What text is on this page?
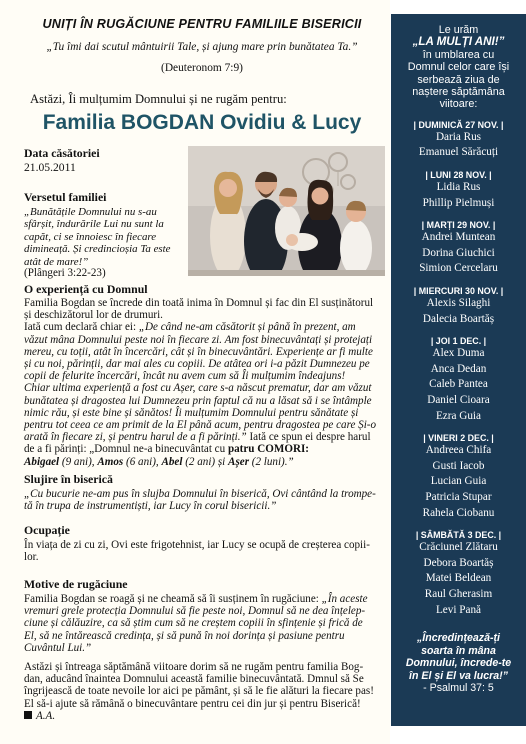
UNIȚI ÎN RUGĂCIUNE PENTRU FAMILIILE BISERICII
„Tu îmi dai scutul mântuirii Tale, și ajung mare prin bunătatea Ta.”
(Deuteronom 7:9)
Astăzi, Îi mulțumim Domnului și ne rugăm pentru:
Familia BOGDAN Ovidiu & Lucy
Data căsătoriei
21.05.2011
Versetul familiei
„Bunătățile Domnului nu s-au
sfârșit, îndurările Lui nu sunt la
capăt, ci se înnoiesc în fiecare
dimineață. Și credincioșia Ta este
atât de mare!”
(Plângeri 3:22-23)
O experiență cu Domnul
Familia Bogdan se încrede din toată inima în Domnul și fac din El susținătorul
și deschizătorul lor de drumuri.
Iată cum declară chiar ei: „De când ne-am căsătorit și până în prezent, am
văzut mâna Domnului peste noi în fiecare zi. Am fost binecuvântați și protejați
mereu, cu toții, atât în încercări, cât și în binecuvântări. Experiențe ar fi multe
și cu noi, părinții, dar mai ales cu copiii. De atâtea ori i-a păzit Dumnezeu pe
copii de felurite încercări, încât nu avem cum să Îi mulțumim îndeajuns!
Chiar ultima experiență a fost cu Așer, care s-a născut prematur, dar am văzut
bunătatea și dragostea lui Dumnezeu prin faptul că nu a lăsat să i se întâmple
nimic rău, și este bine și sănătos! Îi mulțumim Domnului pentru sănătate și
pentru tot ceea ce am primit de la El până acum, pentru dragostea pe care Și-o
arată în fiecare zi, și pentru harul de a fi părinți.” Iată ce spun ei despre harul
de a fi părinți: „Domnul ne-a binecuvântat cu patru COMORI:
Abigael (9 ani), Amos (6 ani), Abel (2 ani) și Așer (2 luni).”
Slujire în biserică
„Cu bucurie ne-am pus în slujba Domnului în biserică, Ovi cântând la trompe-
tă în trupa de instrumentiști, iar Lucy în corul bisericii.”
Ocupație
În viața de zi cu zi, Ovi este frigotehnist, iar Lucy se ocupă de creșterea copii-
lor.
Motive de rugăciune
Familia Bogdan se roagă și ne cheamă să îi susținem în rugăciune: „În aceste
vremuri grele protecția Domnului să fie peste noi, Domnul să ne dea înțelep-
ciune și călăuzire, ca să știm cum să ne creștem copiii în sfințenie și frică de
El, să ne întărească credința, și să pună în noi dorința și pasiune pentru
Cuvântul Lui.”
Astăzi și întreaga săptămână viitoare dorim să ne rugăm pentru familia Bog-
dan, aducând înaintea Domnului această familie binecuvântată. Dmnul să Se
îngrijească de toate nevoile lor aici pe pământ, și să le fie alături la fiecare pas!
El să-i ajute să rămână o binecuvântare pentru cei din jur și pentru Biserică!
A.A.
Le urăm
„LA MULȚI ANI!”
în umblarea cu
Domnul celor care își
serbează ziua de
naștere săptămâna
viitoare:
| DUMINICĂ 27 NOV. |
Daria Rus
Emanuel Sărăcuți
| LUNI 28 NOV. |
Lidia Rus
Phillip Pielmuși
| MARȚI 29 NOV. |
Andrei Muntean
Dorina Giuchici
Simion Cercelaru
| MIERCURI 30 NOV. |
Alexis Silaghi
Dalecia Boartăș
| JOI 1 DEC. |
Alex Duma
Anca Dedan
Caleb Pantea
Daniel Cioara
Ezra Guia
| VINERI 2 DEC. |
Andreea Chifa
Gusti Iacob
Lucian Guia
Patricia Stupar
Rahela Ciobanu
| SÂMBĂTĂ 3 DEC. |
Crăciunel Zlătaru
Debora Boartăș
Matei Beldean
Raul Gherasim
Levi Pană
„Încredințează-ți
soarta în mâna
Domnului, încrede-te
în El și El va lucra!”
- Psalmul 37: 5
